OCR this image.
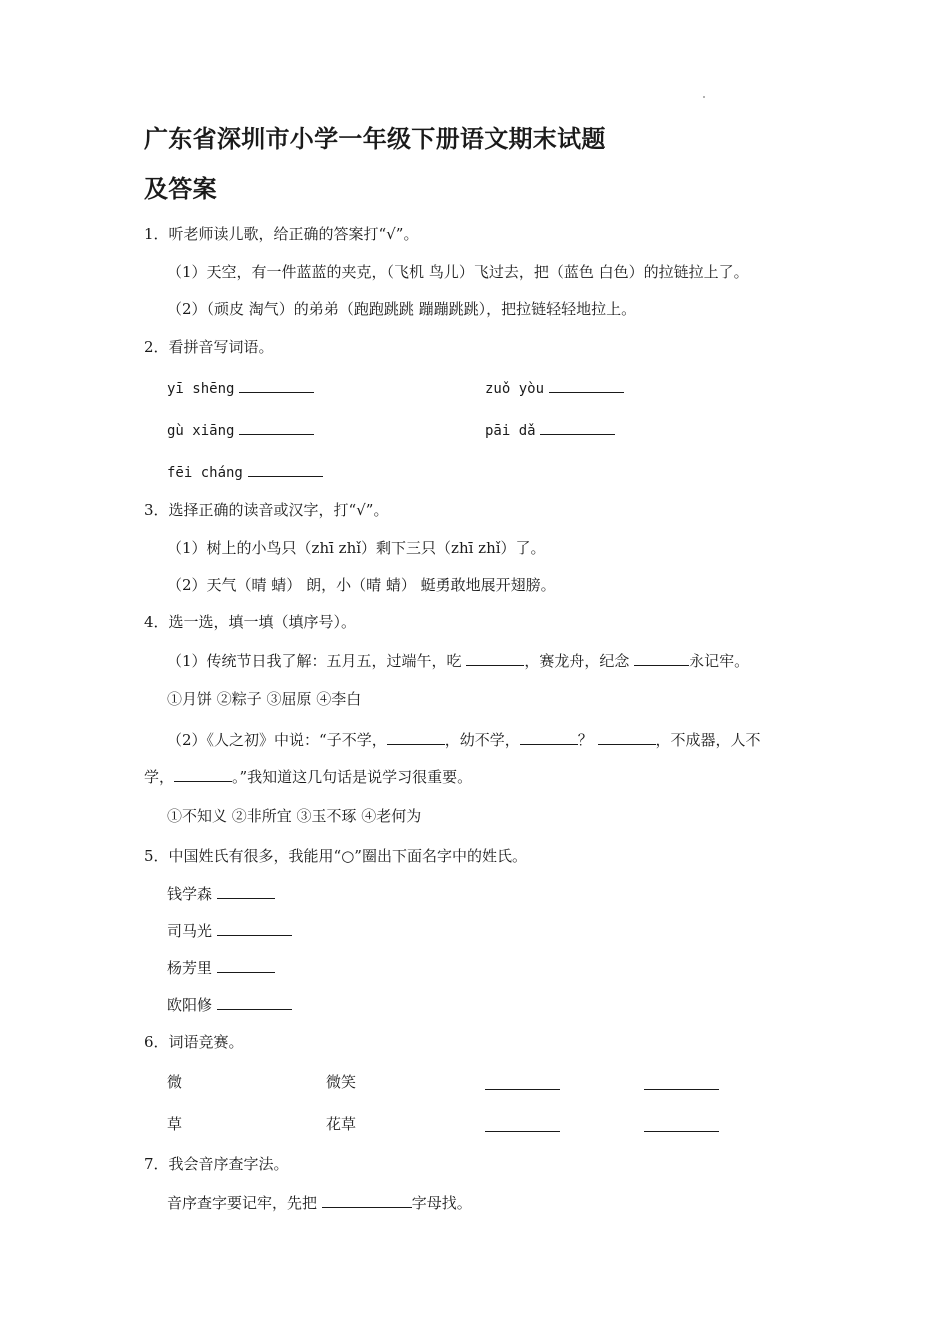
广东省深圳市小学一年级下册语文期末试题
及答案
1．听老师读儿歌，给正确的答案打“√”。
（1）天空，有一件蓝蓝的夹克，（飞机 鸟儿）飞过去，把（蓝色 白色）的拉链拉上了。
（2）（顽皮 淘气）的弟弟（跑跑跳跳 蹦蹦跳跳），把拉链轻轻地拉上。
2．看拼音写词语。
yī shēng	zuǒ yòu
gù xiāng	pāi dǎ
fēi cháng
3．选择正确的读音或汉字，打“√”。
（1）树上的小鸟只（zhī zhǐ）剩下三只（zhī zhǐ）了。
（2）天气（晴 蜻） 朗，小（晴 蜻） 蜓勇敢地展开翅膀。
4．选一选，填一填（填序号）。
（1）传统节日我了解：五月五，过端午，吃	，赛龙舟，纪念	永记牢。
①月饼 ②粽子 ③屈原 ④李白
（2）《人之初》中说：“子不学，	，幼不学，	？	，不成器，人不
学，	。”我知道这几句话是说学习很重要。
①不知义 ②非所宜 ③玉不琢 ④老何为
5．中国姓氏有很多，我能用“○”圈出下面名字中的姓氏。
钱学森
司马光
杨芳里
欧阳修
6．词语竞赛。
微	微笑
草	花草
7．我会音序查字法。
音序查字要记牢，先把	字母找。
